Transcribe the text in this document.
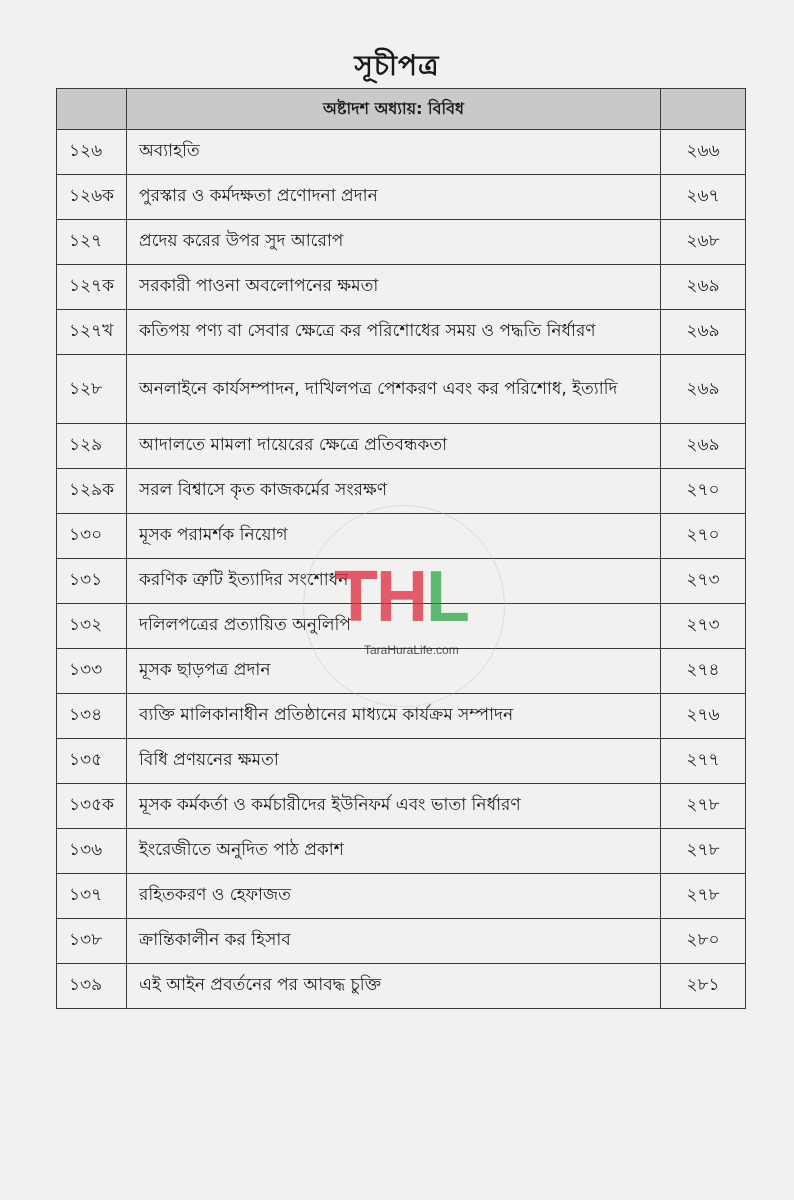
সূচীপত্র
	অষ্টাদশ অধ্যায়: বিবিধ	
১২৬	অব্যাহতি	২৬৬
১২৬ক	পুরস্কার ও কর্মদক্ষতা প্রণোদনা প্রদান	২৬৭
১২৭	প্রদেয় করের উপর সুদ আরোপ	২৬৮
১২৭ক	সরকারী পাওনা অবলোপনের ক্ষমতা	২৬৯
১২৭খ	কতিপয় পণ্য বা সেবার ক্ষেত্রে কর পরিশোধের সময় ও পদ্ধতি নির্ধারণ	২৬৯
১২৮	অনলাইনে কার্যসম্পাদন, দাখিলপত্র পেশকরণ এবং কর পরিশোধ, ইত্যাদি	২৬৯
১২৯	আদালতে মামলা দায়েরের ক্ষেত্রে প্রতিবন্ধকতা	২৬৯
১২৯ক	সরল বিশ্বাসে কৃত কাজকর্মের সংরক্ষণ	২৭০
১৩০	মূসক পরামর্শক নিয়োগ	২৭০
১৩১	করণিক ত্রুটি ইত্যাদির সংশোধন	২৭৩
১৩২	দলিলপত্রের প্রত্যায়িত অনুলিপি	২৭৩
১৩৩	মূসক ছাড়পত্র প্রদান	২৭৪
১৩৪	ব্যক্তি মালিকানাধীন প্রতিষ্ঠানের মাধ্যমে কার্যক্রম সম্পাদন	২৭৬
১৩৫	বিধি প্রণয়নের ক্ষমতা	২৭৭
১৩৫ক	মূসক কর্মকর্তা ও কর্মচারীদের ইউনিফর্ম এবং ভাতা নির্ধারণ	২৭৮
১৩৬	ইংরেজীতে অনুদিত পাঠ প্রকাশ	২৭৮
১৩৭	রহিতকরণ ও হেফাজত	২৭৮
১৩৮	ক্রান্তিকালীন কর হিসাব	২৮০
১৩৯	এই আইন প্রবর্তনের পর আবদ্ধ চুক্তি	২৮১
THL
TaraHuraLife.com
